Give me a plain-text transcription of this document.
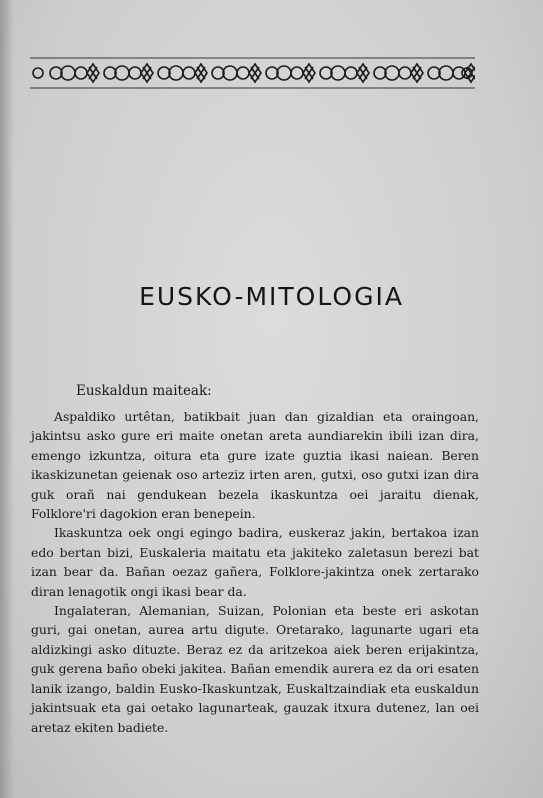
EUSKO-MITOLOGIA
Euskaldun maiteak:

Aspaldiko urtêtan, batikbait juan dan gizaldian eta oraingoan, jakintsu asko gure eri maite onetan areta aundiarekin ibili izan dira, emengo izkuntza, oitura eta gure izate guztia ikasi naiean. Beren ikaskizunetan geienak oso arteziz irten aren, gutxi, oso gutxi izan dira guk orañ nai gendukean bezela ikaskuntza oei jaraitu dienak, Folklore'ri dagokion eran benepein.

Ikaskuntza oek ongi egingo badira, euskeraz jakin, bertakoa izan edo bertan bizi, Euskaleria maitatu eta jakiteko zaletasun berezi bat izan bear da. Bañan oezaz gañera, Folklore-jakintza onek zertarako diran lenagotik ongi ikasi bear da.

Ingalateran, Alemanian, Suizan, Polonian eta beste eri askotan guri, gai onetan, aurea artu digute. Oretarako, lagunarte ugari eta aldizkingi asko dituzte. Beraz ez da aritzekoa aiek beren erijakintza, guk gerena baño obeki jakitea. Bañan emendik aurera ez da ori esaten lanik izango, baldin Eusko-Ikaskuntzak, Euskaltzaindiak eta euskaldun jakintsuak eta gai oetako lagunarteak, gauzak itxura dutenez, lan oei aretaz ekiten badiete.
